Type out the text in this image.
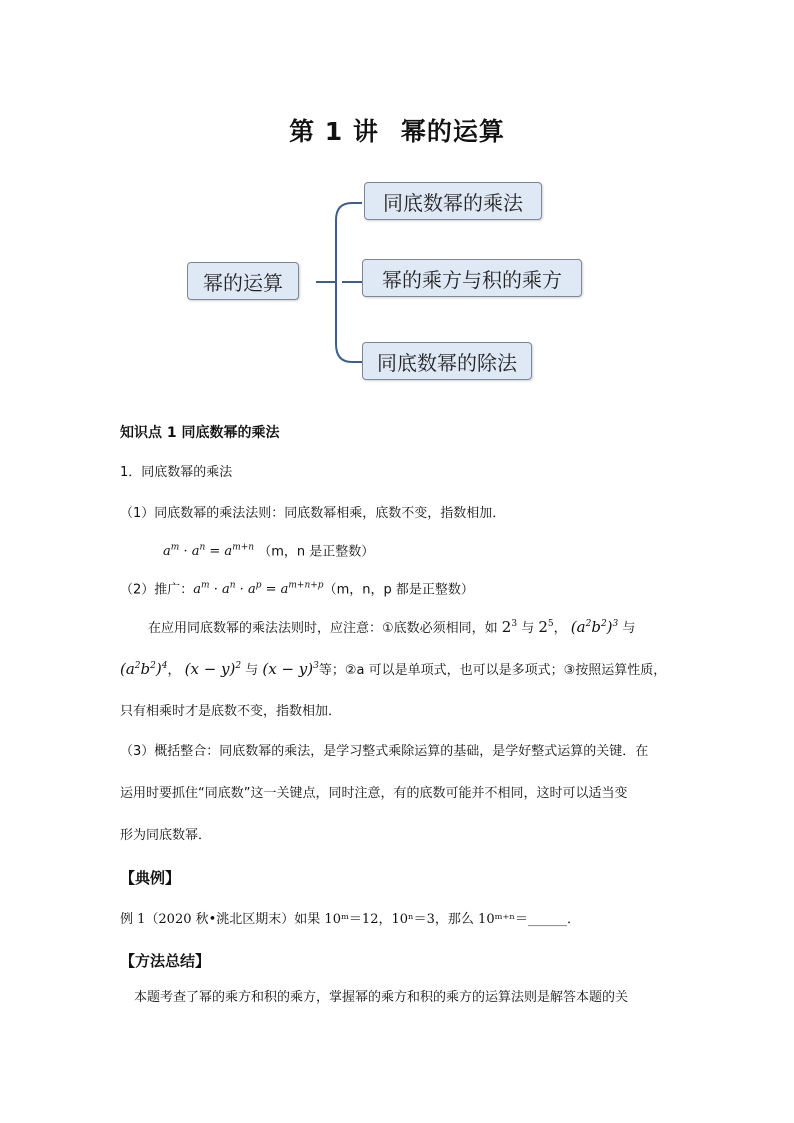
第 1 讲 幂的运算
幂的运算
同底数幂的乘法
幂的乘方与积的乘方
同底数幂的除法
知识点 1 同底数幂的乘法
1．同底数幂的乘法
（1）同底数幂的乘法法则：同底数幂相乘，底数不变，指数相加．
$a^m \cdot a^n = a^{m+n}$ （m，n 是正整数）
（2）推广：$a^m \cdot a^n \cdot a^p = a^{m+n+p}(m$，n，p 都是正整数）
在应用同底数幂的乘法法则时，应注意：①底数必须相同，如 $2^3$ 与 $2^5$， $(a^2b^2)^3$ 与
$(a^2b^2)^4$， $(x - y)^2$ 与 $(x - y)^3$等；②a 可以是单项式，也可以是多项式；③按照运算性质，
只有相乘时才是底数不变，指数相加．
（3）概括整合：同底数幂的乘法，是学习整式乘除运算的基础，是学好整式运算的关键．在
运用时要抓住“同底数”这一关键点，同时注意，有的底数可能并不相同，这时可以适当变
形为同底数幂．
【典例】
例 1（2020 秋•洮北区期末）如果 10ᵐ＝12，10ⁿ＝3，那么 10ᵐ⁺ⁿ＝______．
【方法总结】
本题考查了幂的乘方和积的乘方，掌握幂的乘方和积的乘方的运算法则是解答本题的关
